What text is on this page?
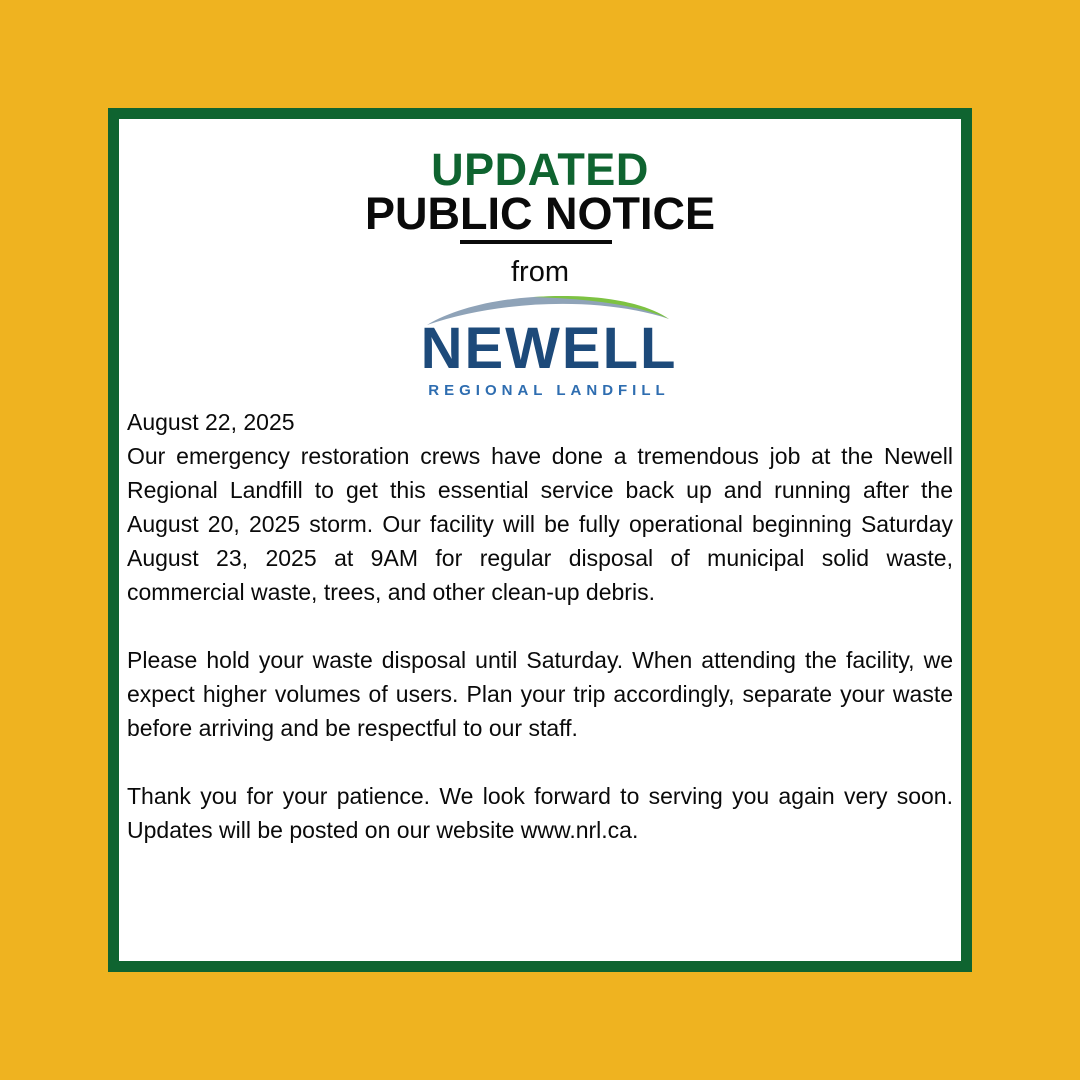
UPDATED
PUBLIC NOTICE
from
NEWELL
REGIONAL LANDFILL

August 22, 2025

Our emergency restoration crews have done a tremendous job at the Newell Regional Landfill to get this essential service back up and running after the August 20, 2025 storm. Our facility will be fully operational beginning Saturday August 23, 2025 at 9AM for regular disposal of municipal solid waste, commercial waste, trees, and other clean-up debris.

Please hold your waste disposal until Saturday. When attending the facility, we expect higher volumes of users. Plan your trip accordingly, separate your waste before arriving and be respectful to our staff.

Thank you for your patience. We look forward to serving you again very soon. Updates will be posted on our website www.nrl.ca.
